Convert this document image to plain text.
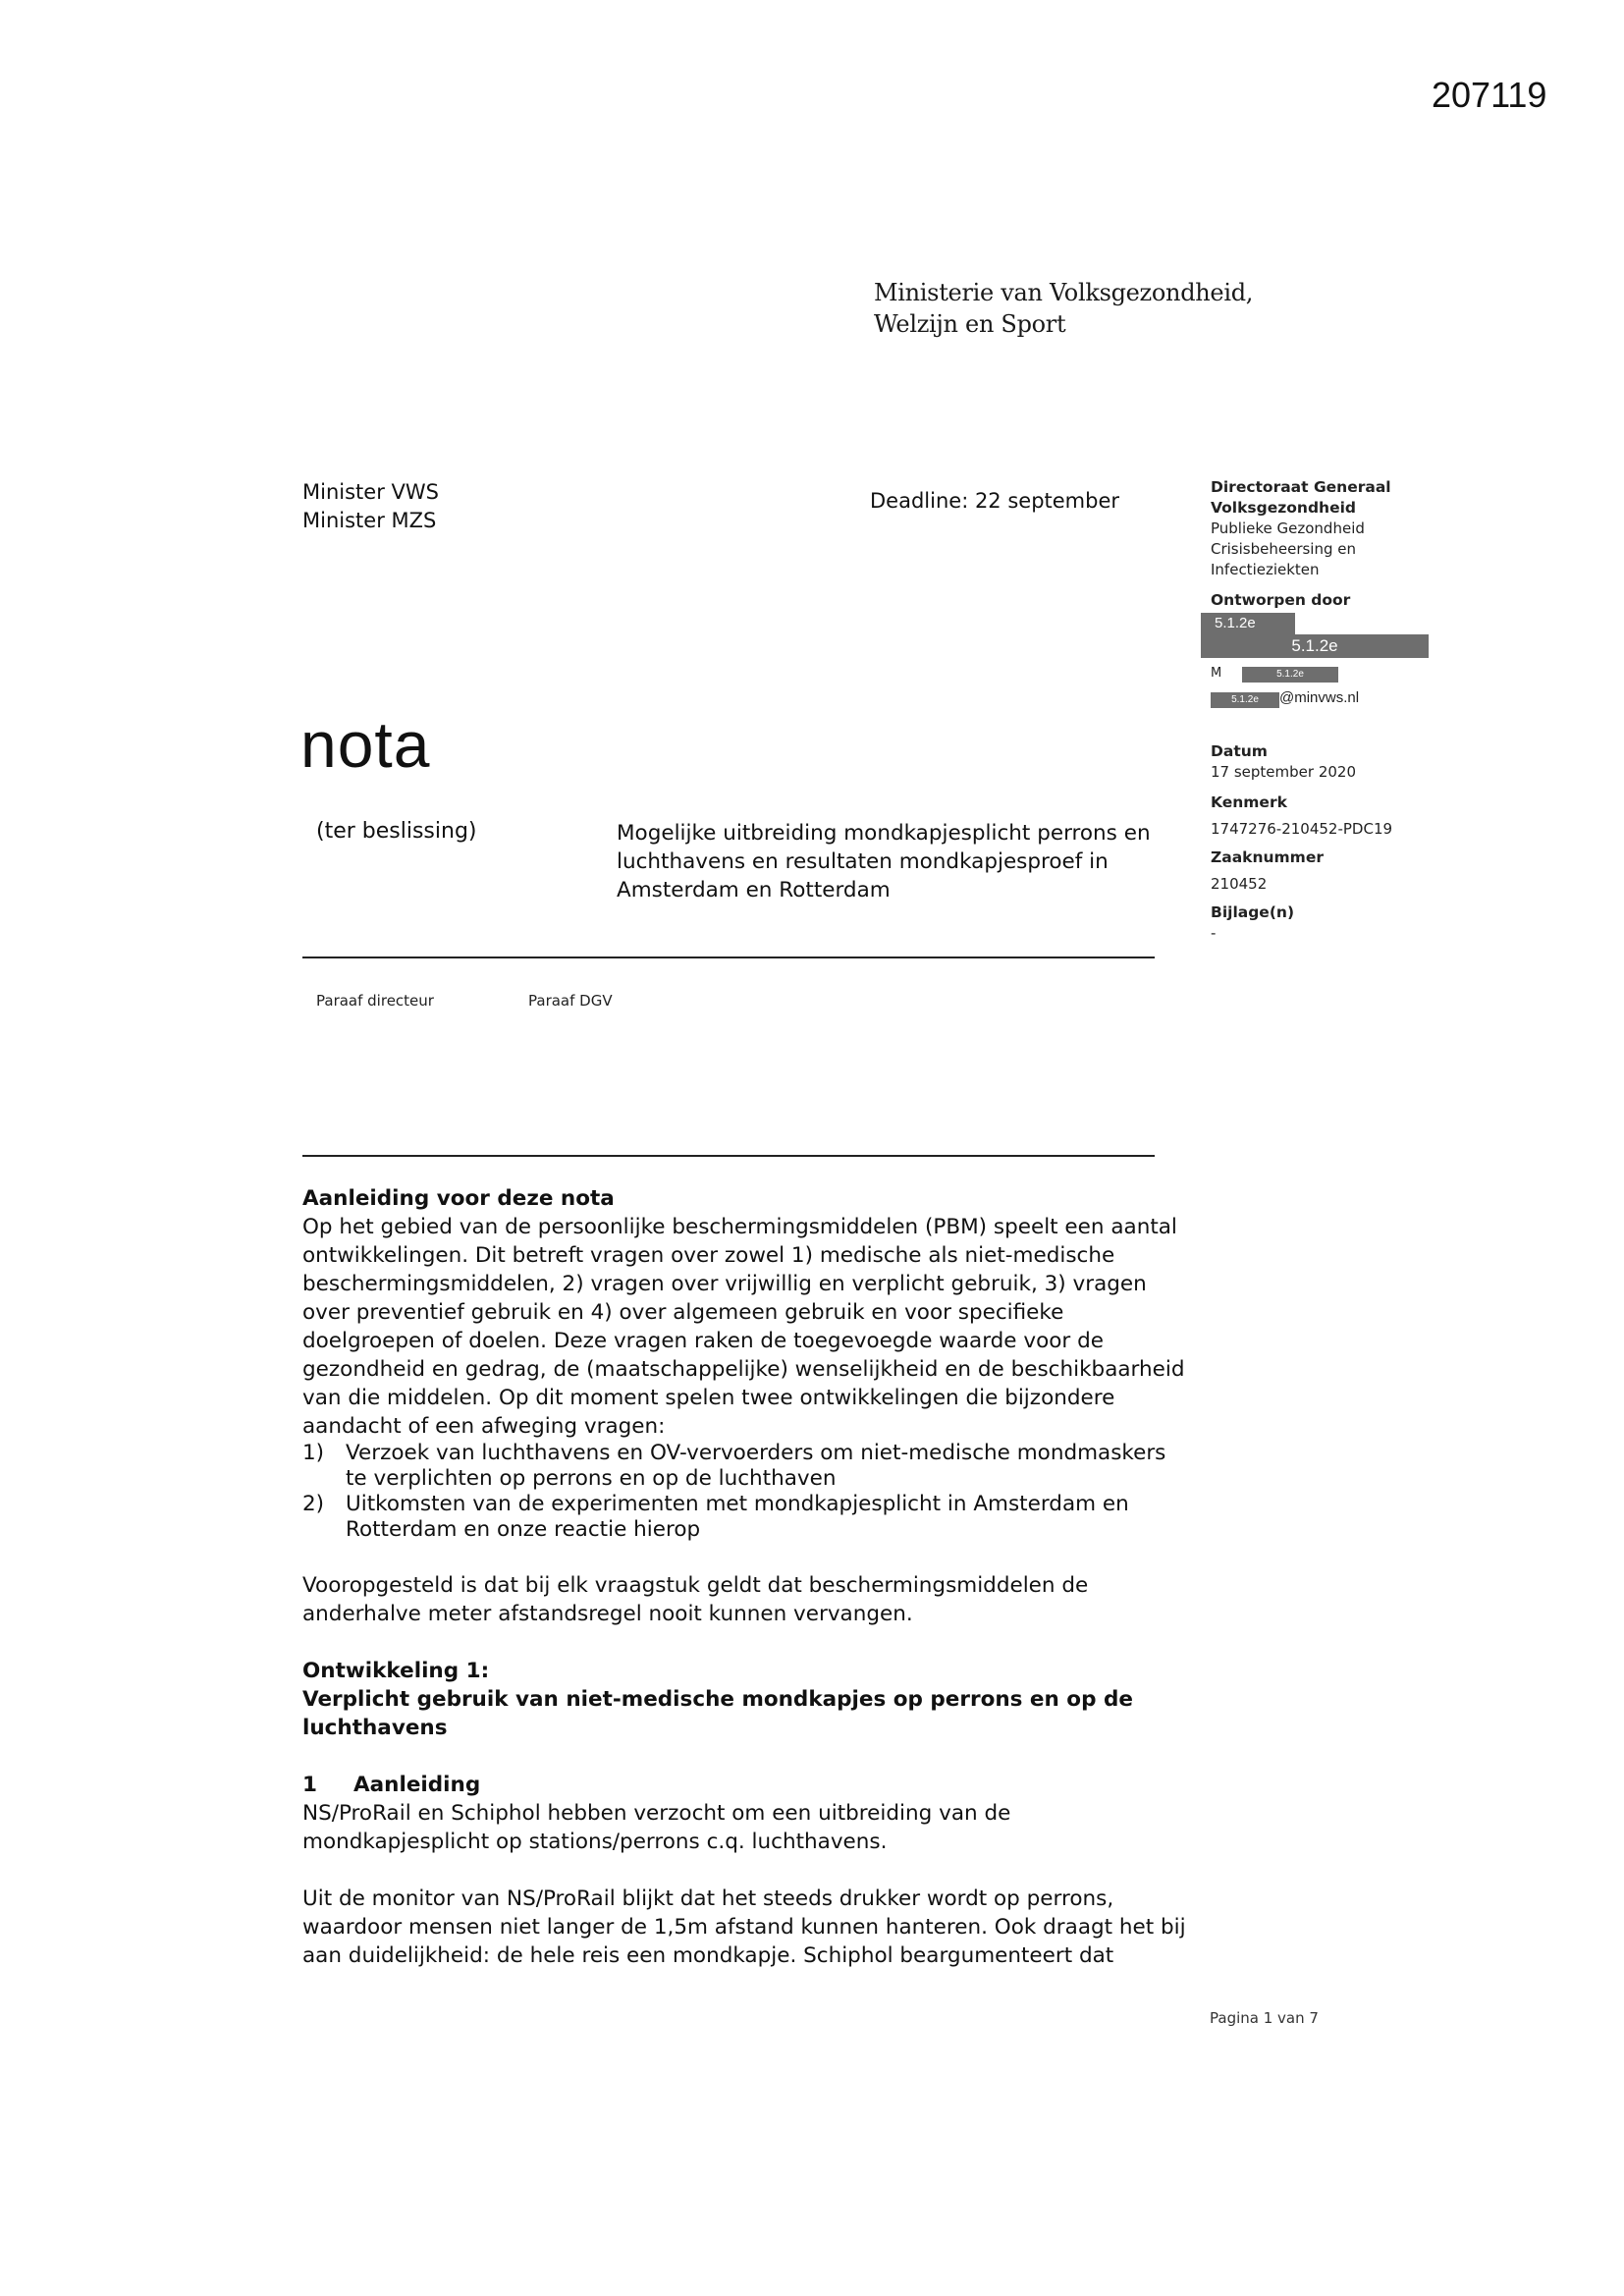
207119
Ministerie van Volksgezondheid,
Welzijn en Sport
Minister VWS
Minister MZS
Deadline: 22 september
Directoraat Generaal
Volksgezondheid
Publieke Gezondheid
Crisisbeheersing en
Infectieziekten
Ontworpen door
5.1.2e
5.1.2e
M	5.1.2e
5.1.2e @minvws.nl
Datum
17 september 2020
Kenmerk
1747276-210452-PDC19
Zaaknummer
210452
Bijlage(n)
-
nota
(ter beslissing)	Mogelijke uitbreiding mondkapjesplicht perrons en luchthavens en resultaten mondkapjesproef in Amsterdam en Rotterdam
Paraaf directeur	Paraaf DGV
Aanleiding voor deze nota

Op het gebied van de persoonlijke beschermingsmiddelen (PBM) speelt een aantal ontwikkelingen. Dit betreft vragen over zowel 1) medische als niet-medische beschermingsmiddelen, 2) vragen over vrijwillig en verplicht gebruik, 3) vragen over preventief gebruik en 4) over algemeen gebruik en voor specifieke doelgroepen of doelen. Deze vragen raken de toegevoegde waarde voor de gezondheid en gedrag, de (maatschappelijke) wenselijkheid en de beschikbaarheid van die middelen. Op dit moment spelen twee ontwikkelingen die bijzondere aandacht of een afweging vragen:

1) Verzoek van luchthavens en OV-vervoerders om niet-medische mondmaskers te verplichten op perrons en op de luchthaven
2) Uitkomsten van de experimenten met mondkapjesplicht in Amsterdam en Rotterdam en onze reactie hierop

Vooropgesteld is dat bij elk vraagstuk geldt dat beschermingsmiddelen de anderhalve meter afstandsregel nooit kunnen vervangen.

Ontwikkeling 1:
Verplicht gebruik van niet-medische mondkapjes op perrons en op de luchthavens
1 Aanleiding

NS/ProRail en Schiphol hebben verzocht om een uitbreiding van de mondkapjesplicht op stations/perrons c.q. luchthavens.

Uit de monitor van NS/ProRail blijkt dat het steeds drukker wordt op perrons, waardoor mensen niet langer de 1,5m afstand kunnen hanteren. Ook draagt het bij aan duidelijkheid: de hele reis een mondkapje. Schiphol beargumenteert dat

Pagina 1 van 7
